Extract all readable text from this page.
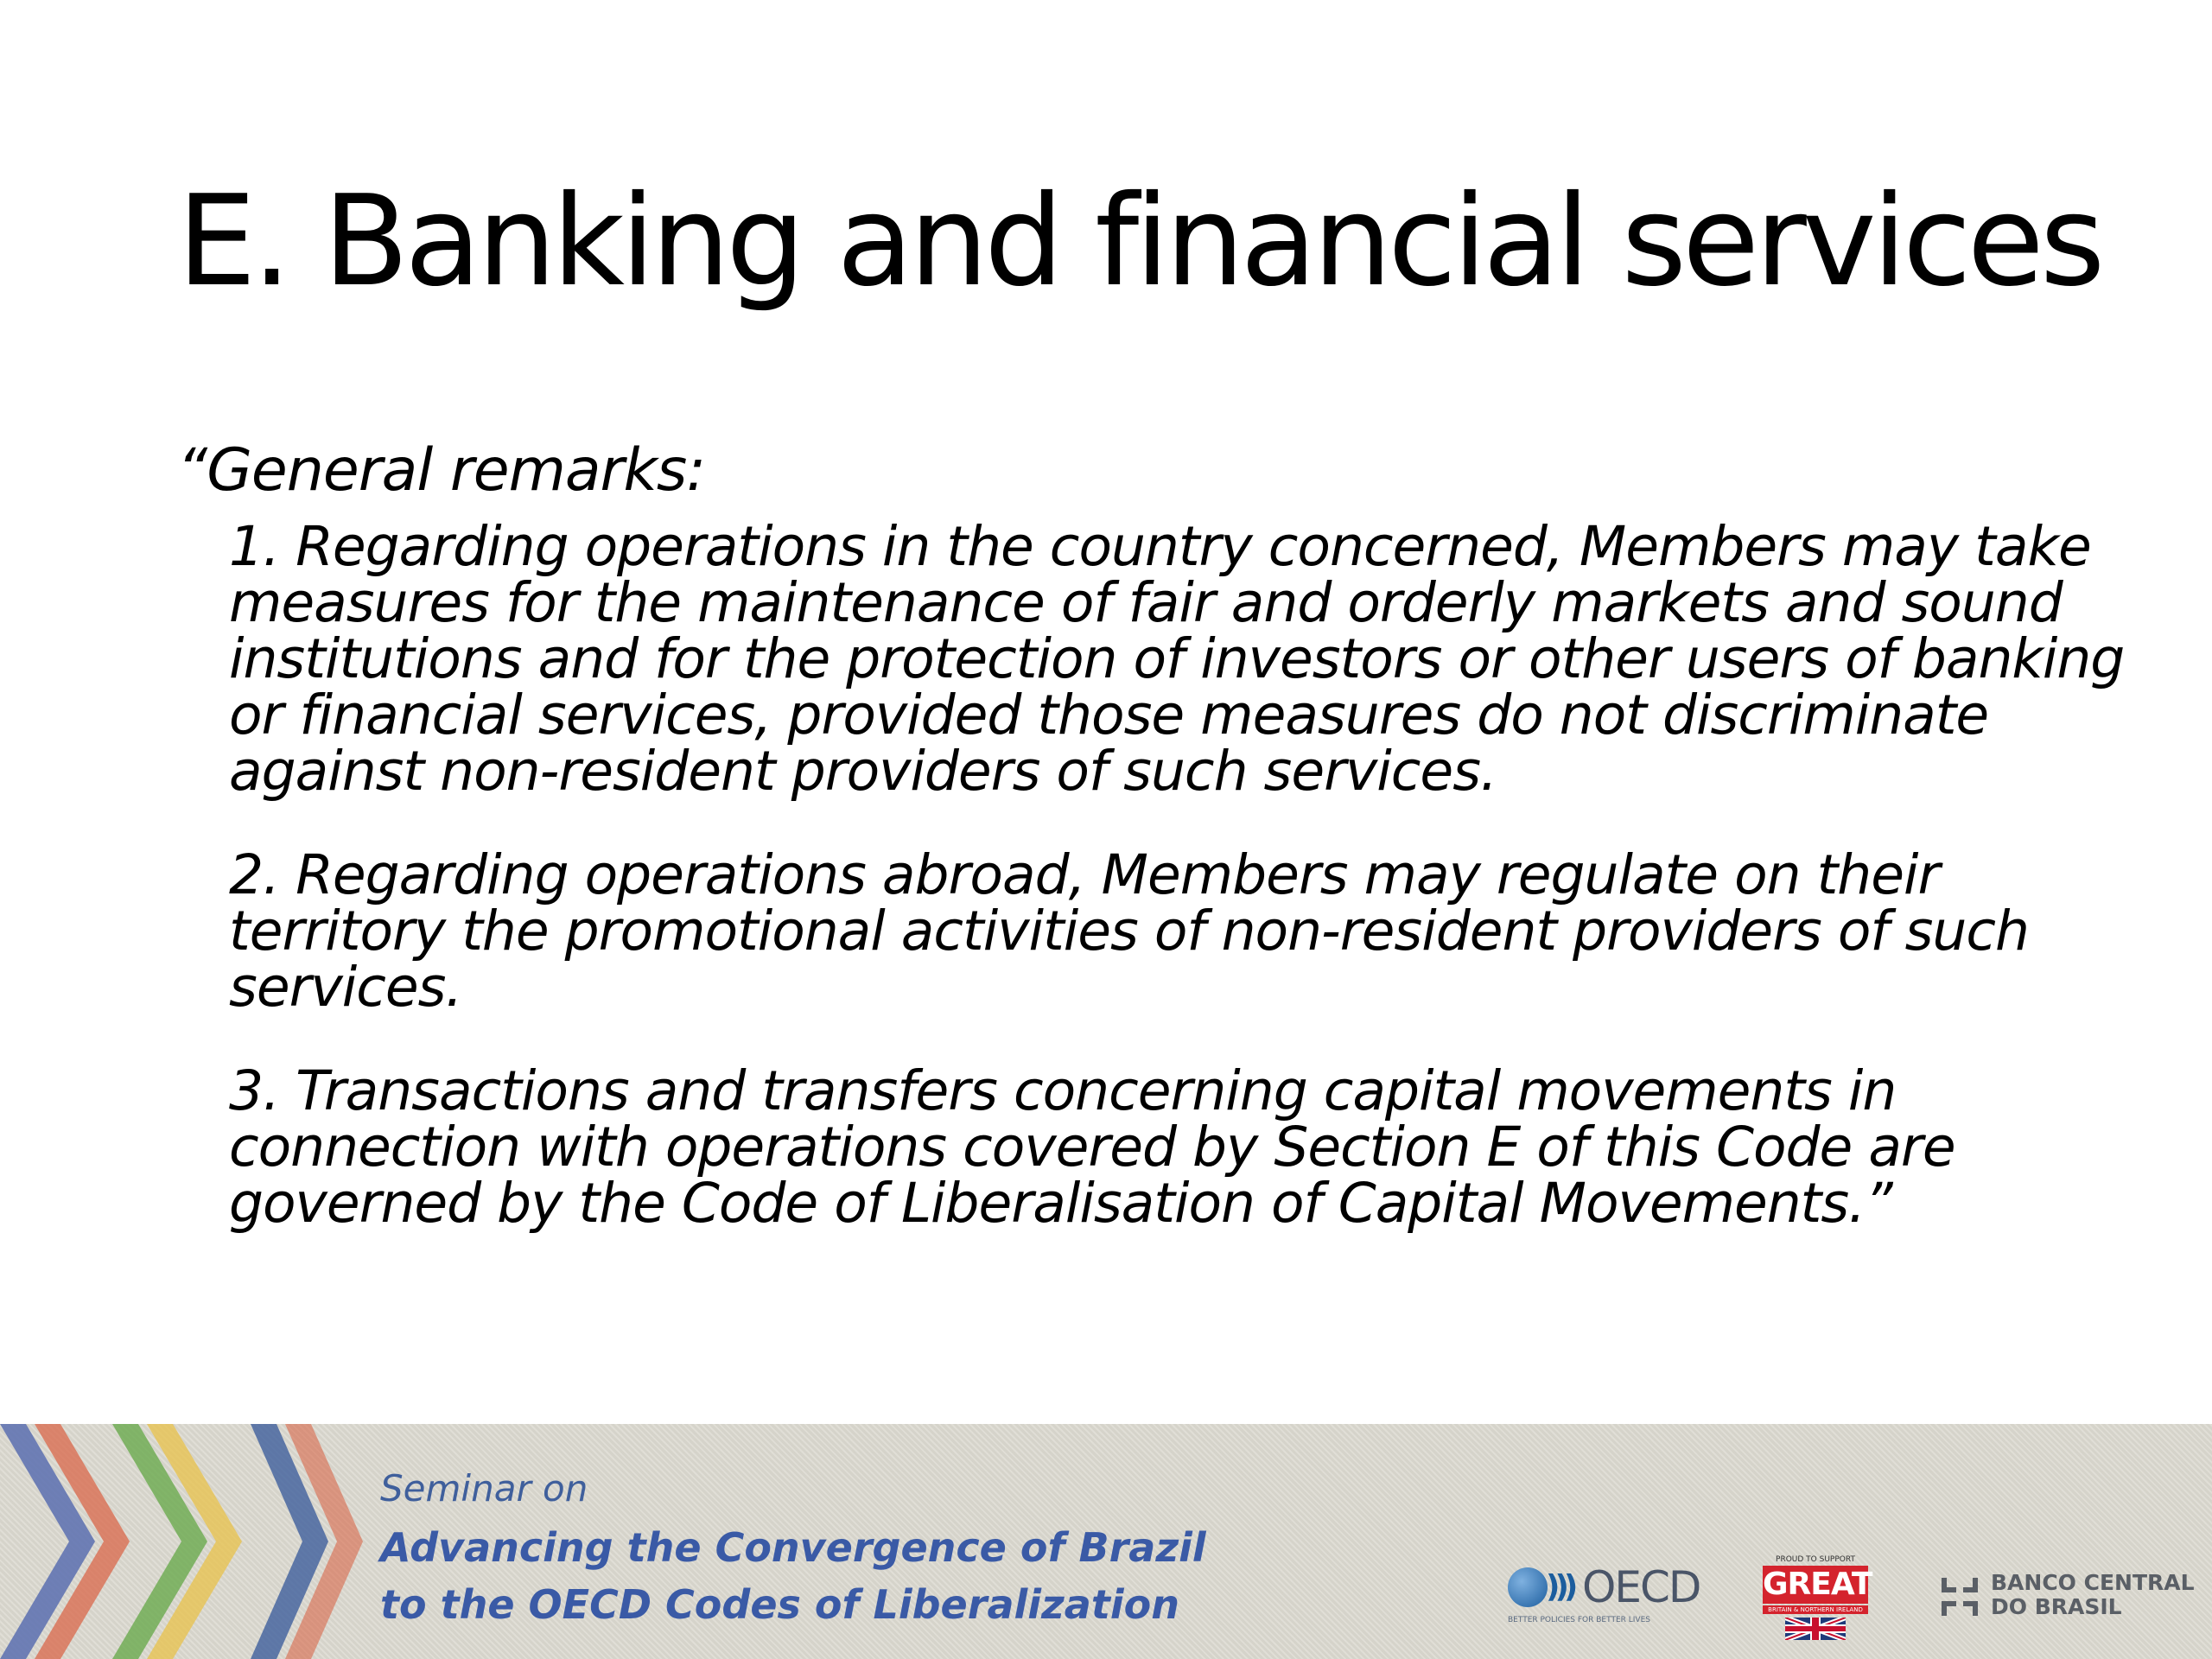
E. Banking and financial services

“General remarks:

1. Regarding operations in the country concerned, Members may take measures for the maintenance of fair and orderly markets and sound institutions and for the protection of investors or other users of banking or financial services, provided those measures do not discriminate against non-resident providers of such services.

2. Regarding operations abroad, Members may regulate on their territory the promotional activities of non-resident providers of such services.

3. Transactions and transfers concerning capital movements in connection with operations covered by Section E of this Code are governed by the Code of Liberalisation of Capital Movements.”

Seminar on

Advancing the Convergence of Brazil
to the OECD Codes of Liberalization	))) OECD
BETTER POLICIES FOR BETTER LIVES
PROUD TO SUPPORT
GREAT
BRITAIN & NORTHERN IRELAND
BANCO CENTRAL
DO BRASIL
